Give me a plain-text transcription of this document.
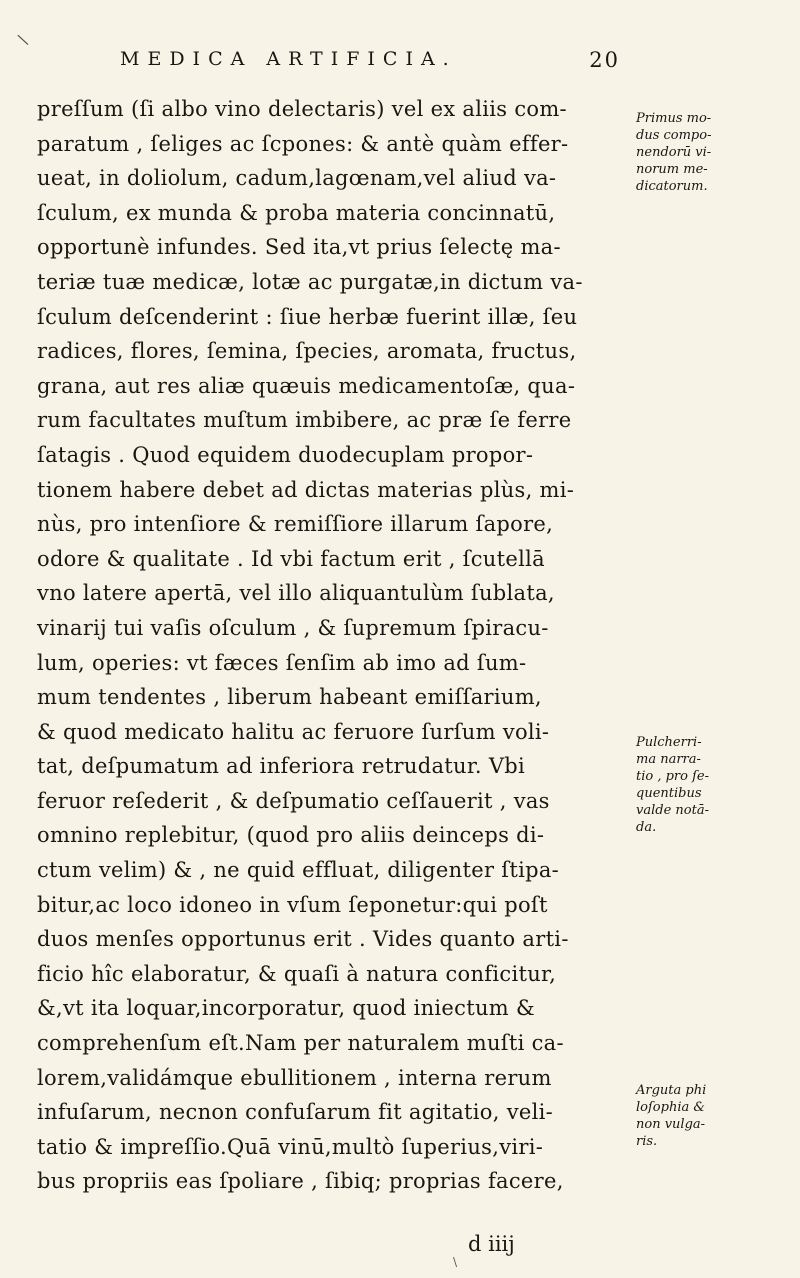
\
MEDICA ARTIFICIA.	20
preſſum (ſi albo vino delectaris) vel ex aliis com-
paratum , ſeliges ac ſcpones: & antè quàm effer-
ueat, in doliolum, cadum,lagœnam,vel aliud va-
ſculum, ex munda & proba materia concinnatū,
opportunè infundes. Sed ita,vt prius ſelectę ma-
teriæ tuæ medicæ, lotæ ac purgatæ,in dictum va-
ſculum deſcenderint : ſiue herbæ fuerint illæ, ſeu
radices, flores, ſemina, ſpecies, aromata, fructus,
grana, aut res aliæ quæuis medicamentoſæ, qua-
rum facultates muſtum imbibere, ac præ ſe ferre
ſatagis . Quod equidem duodecuplam propor-
tionem habere debet ad dictas materias plùs, mi-
nùs, pro intenſiore & remiſſiore illarum ſapore,
odore & qualitate . Id vbi factum erit , ſcutellā
vno latere apertā, vel illo aliquantulùm ſublata,
vinarij tui vaſis oſculum , & ſupremum ſpiracu-
lum, operies: vt fæces ſenſim ab imo ad ſum-
mum tendentes , liberum habeant emiſſarium,
& quod medicato halitu ac feruore ſurſum voli-
tat, deſpumatum ad inferiora retrudatur. Vbi
feruor reſederit , & deſpumatio ceſſauerit , vas
omnino replebitur, (quod pro aliis deinceps di-
ctum velim) & , ne quid effluat, diligenter ſtipa-
bitur,ac loco idoneo in vſum ſeponetur:qui poſt
duos menſes opportunus erit . Vides quanto arti-
ficio hîc elaboratur, & quaſi à natura conficitur,
&,vt ita loquar,incorporatur, quod iniectum &
comprehenſum eſt.Nam per naturalem muſti ca-
lorem,validámque ebullitionem , interna rerum
infuſarum, necnon confuſarum fit agitatio, veli-
tatio & impreſſio.Quā vinū,multò ſuperius,viri-
bus propriis eas ſpoliare , ſibiq; proprias facere,
Primus mo-
dus compo-
nendorū vi-
norum me-
dicatorum.
Pulcherri-
ma narra-
tio , pro ſe-
quentibus
valde notā-
da.
Arguta phi
loſophia &
non vulga-
ris.
d iiij
\
